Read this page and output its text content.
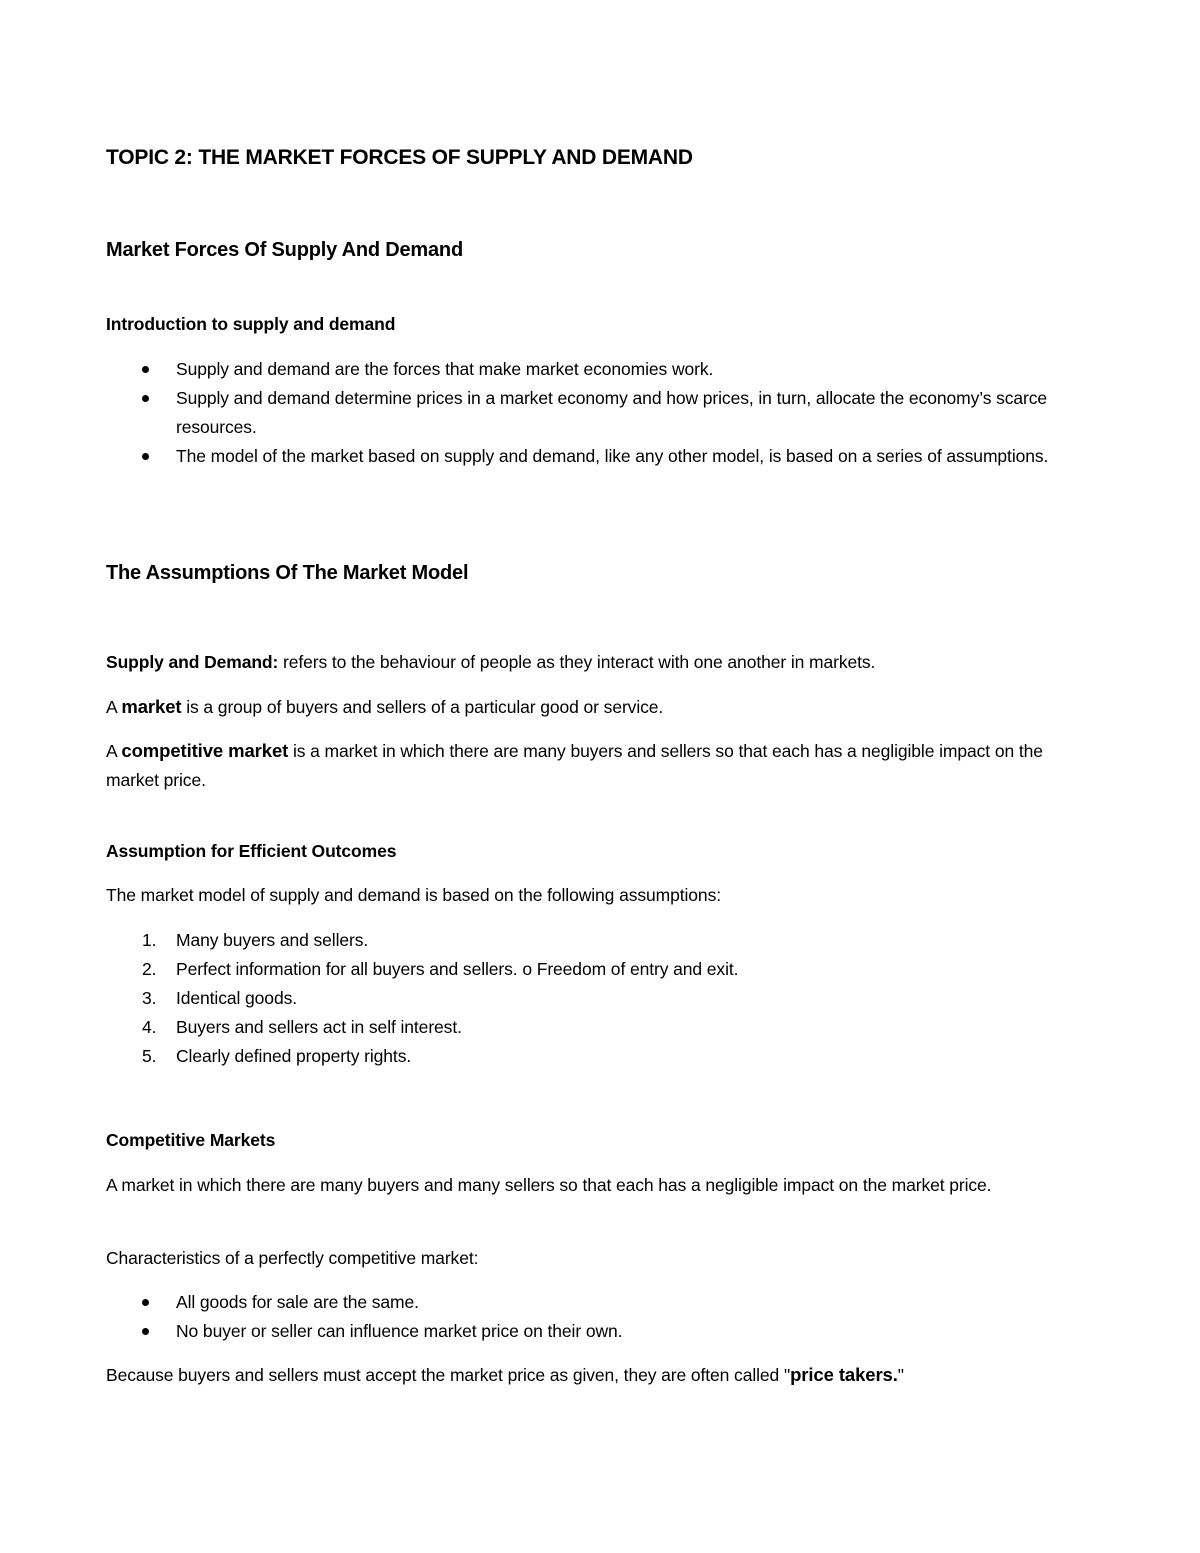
TOPIC 2: THE MARKET FORCES OF SUPPLY AND DEMAND
Market Forces Of Supply And Demand
Introduction to supply and demand
Supply and demand are the forces that make market economies work.
Supply and demand determine prices in a market economy and how prices, in turn, allocate the economy’s scarce resources.
The model of the market based on supply and demand, like any other model, is based on a series of assumptions.
The Assumptions Of The Market Model
Supply and Demand: refers to the behaviour of people as they interact with one another in markets.
A market is a group of buyers and sellers of a particular good or service.
A competitive market is a market in which there are many buyers and sellers so that each has a negligible impact on the market price.
Assumption for Efficient Outcomes
The market model of supply and demand is based on the following assumptions:
1. Many buyers and sellers.
2. Perfect information for all buyers and sellers. o Freedom of entry and exit.
3. Identical goods.
4. Buyers and sellers act in self interest.
5. Clearly defined property rights.
Competitive Markets
A market in which there are many buyers and many sellers so that each has a negligible impact on the market price.
Characteristics of a perfectly competitive market:
All goods for sale are the same.
No buyer or seller can influence market price on their own.
Because buyers and sellers must accept the market price as given, they are often called "price takers."
